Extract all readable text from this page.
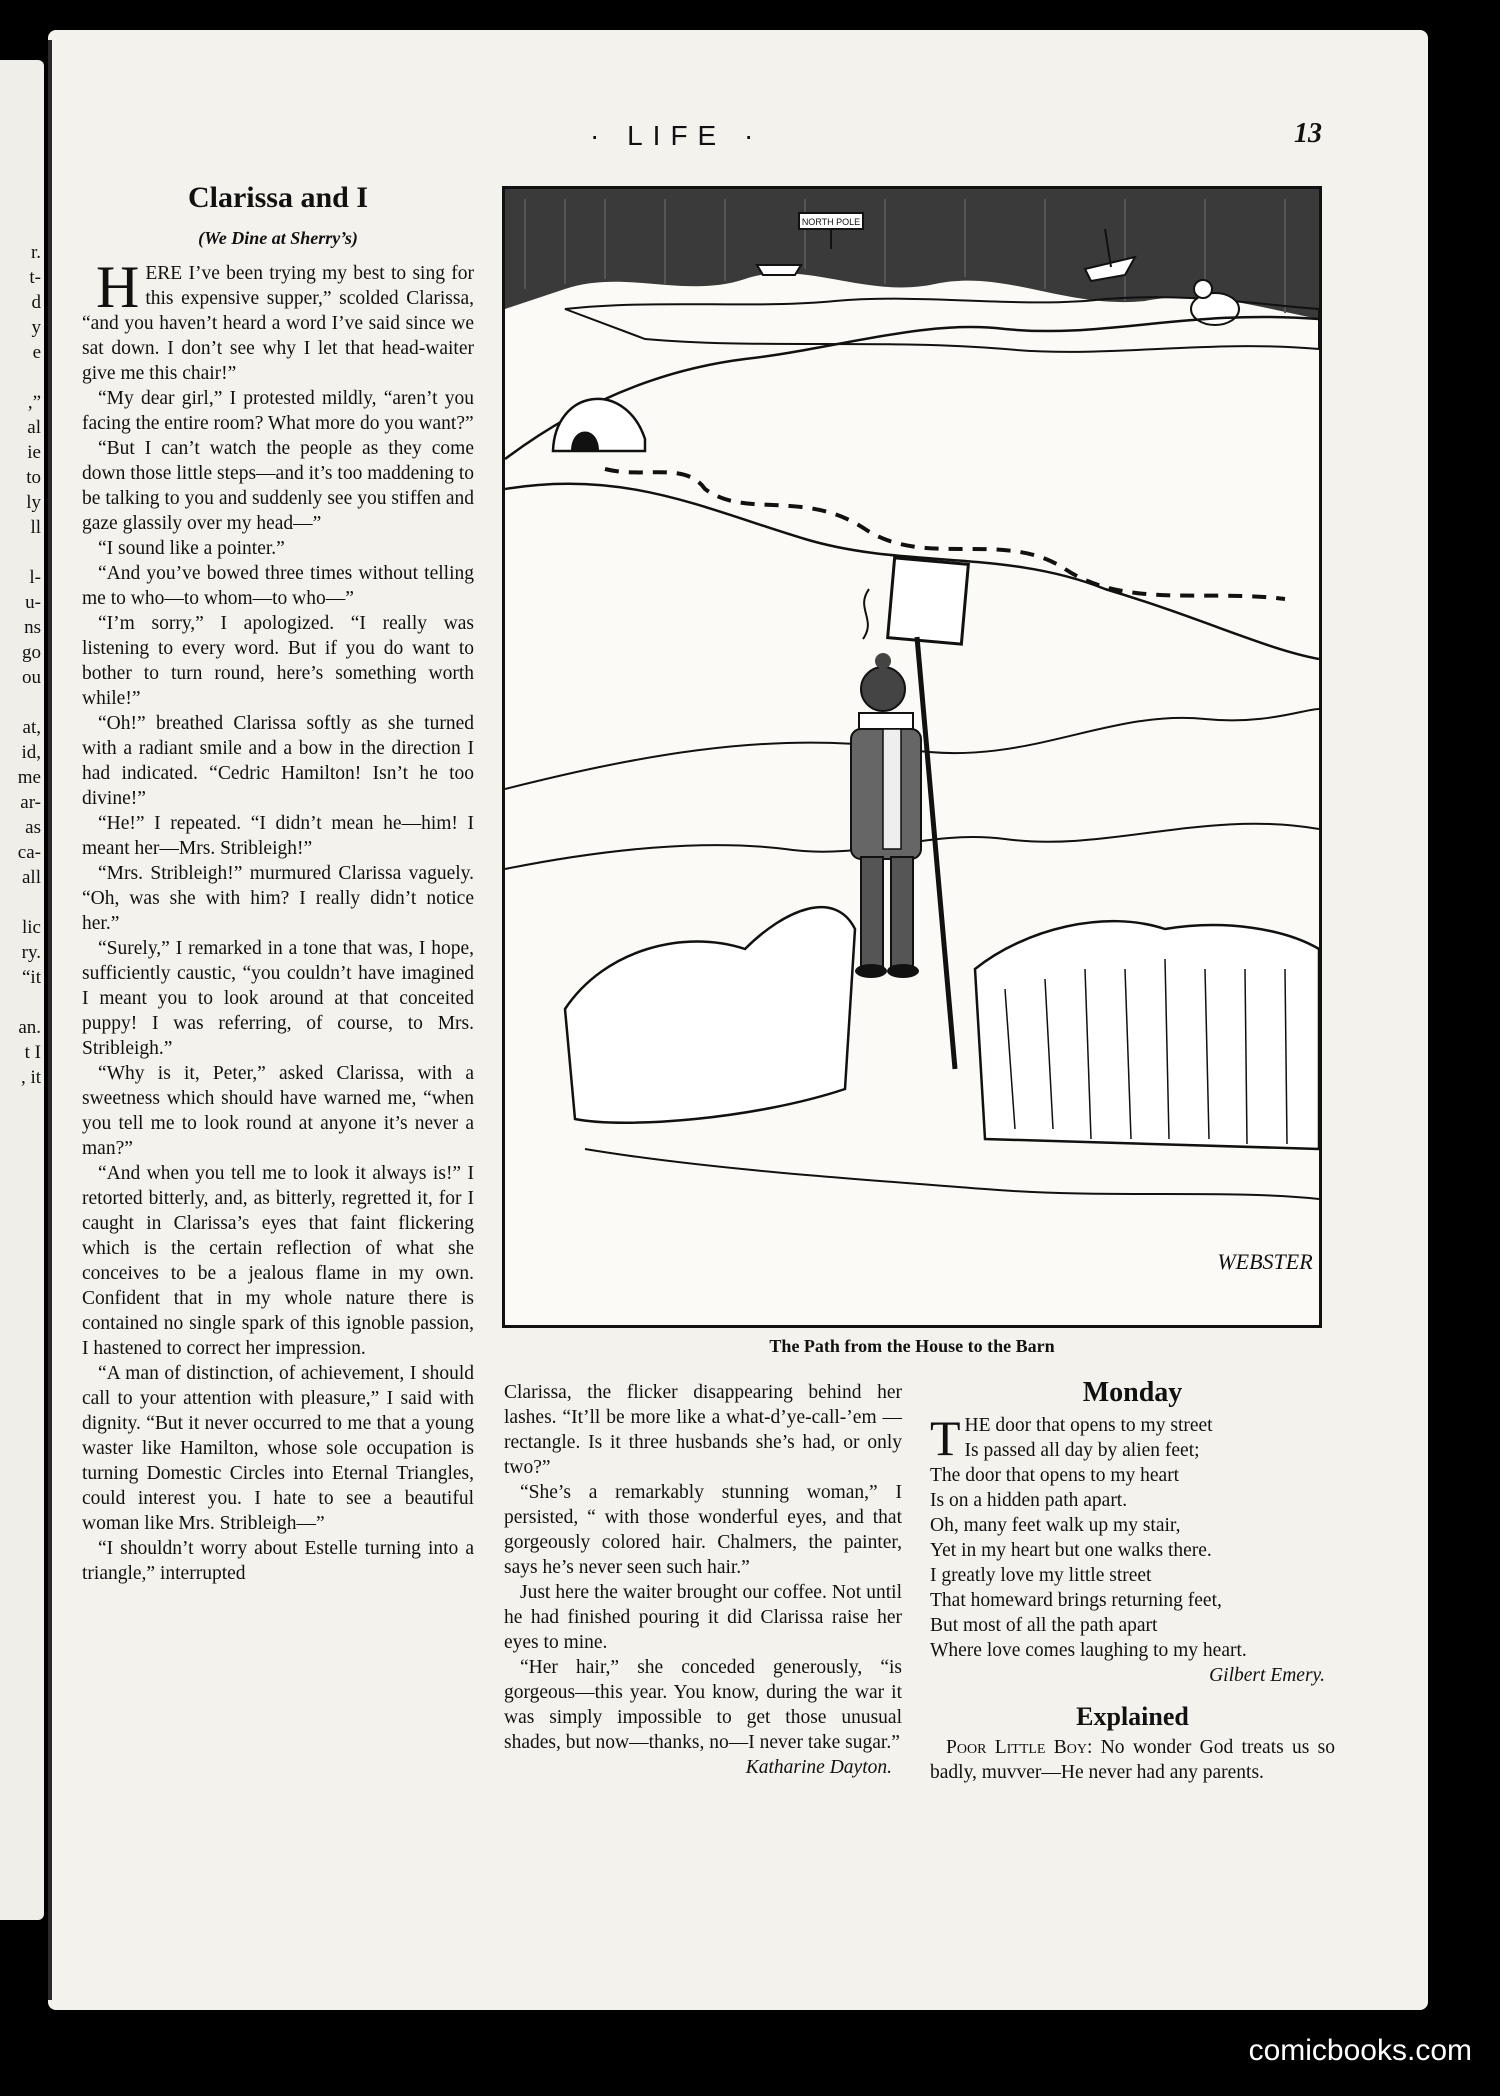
r.
t-
d
y
e
,”
al
ie
to
ly
ll
l-
u-
ns
go
ou
at,
id,
me
ar-
as
ca-
all
lic
ry.
“it
an.
t I
, it
· LIFE ·	13
Clarissa and I
(We Dine at Sherry’s)

HERE I’ve been trying my best to sing for this expensive supper,” scolded Clarissa, “and you haven’t heard a word I’ve said since we sat down. I don’t see why I let that head-waiter give me this chair!”

“My dear girl,” I protested mildly, “aren’t you facing the entire room? What more do you want?”

“But I can’t watch the people as they come down those little steps—and it’s too maddening to be talking to you and suddenly see you stiffen and gaze glassily over my head—”

“I sound like a pointer.”

“And you’ve bowed three times without telling me to who—to whom—to who—”

“I’m sorry,” I apologized. “I really was listening to every word. But if you do want to bother to turn round, here’s something worth while!”

“Oh!” breathed Clarissa softly as she turned with a radiant smile and a bow in the direction I had indicated. “Cedric Hamilton! Isn’t he too divine!”

“He!” I repeated. “I didn’t mean he—him! I meant her—Mrs. Stribleigh!”

“Mrs. Stribleigh!” murmured Clarissa vaguely. “Oh, was she with him? I really didn’t notice her.”

“Surely,” I remarked in a tone that was, I hope, sufficiently caustic, “you couldn’t have imagined I meant you to look around at that conceited puppy! I was referring, of course, to Mrs. Stribleigh.”

“Why is it, Peter,” asked Clarissa, with a sweetness which should have warned me, “when you tell me to look round at anyone it’s never a man?”

“And when you tell me to look it always is!” I retorted bitterly, and, as bitterly, regretted it, for I caught in Clarissa’s eyes that faint flickering which is the certain reflection of what she conceives to be a jealous flame in my own. Confident that in my whole nature there is contained no single spark of this ignoble passion, I hastened to correct her impression.

“A man of distinction, of achievement, I should call to your attention with pleasure,” I said with dignity. “But it never occurred to me that a young waster like Hamilton, whose sole occupation is turning Domestic Circles into Eternal Triangles, could interest you. I hate to see a beautiful woman like Mrs. Stribleigh—”

“I shouldn’t worry about Estelle turning into a triangle,” interrupted

NORTH POLE
WEBSTER
The Path from the House to the Barn

Clarissa, the flicker disappearing behind her lashes. “It’ll be more like a what-d’ye-call-’em — rectangle. Is it three husbands she’s had, or only two?”

“She’s a remarkably stunning woman,” I persisted, “ with those wonderful eyes, and that gorgeously colored hair. Chalmers, the painter, says he’s never seen such hair.”

Just here the waiter brought our coffee. Not until he had finished pouring it did Clarissa raise her eyes to mine.

“Her hair,” she conceded generously, “is gorgeous—this year. You know, during the war it was simply impossible to get those unusual shades, but now—thanks, no—I never take sugar.”

Katharine Dayton.
Monday
THE door that opens to my street
Is passed all day by alien feet;
The door that opens to my heart
Is on a hidden path apart.
Oh, many feet walk up my stair,
Yet in my heart but one walks there.
I greatly love my little street
That homeward brings returning feet,
But most of all the path apart
Where love comes laughing to my heart.
Gilbert Emery.
Explained

Poor Little Boy: No wonder God treats us so badly, muvver—He never had any parents.

comicbooks.com
